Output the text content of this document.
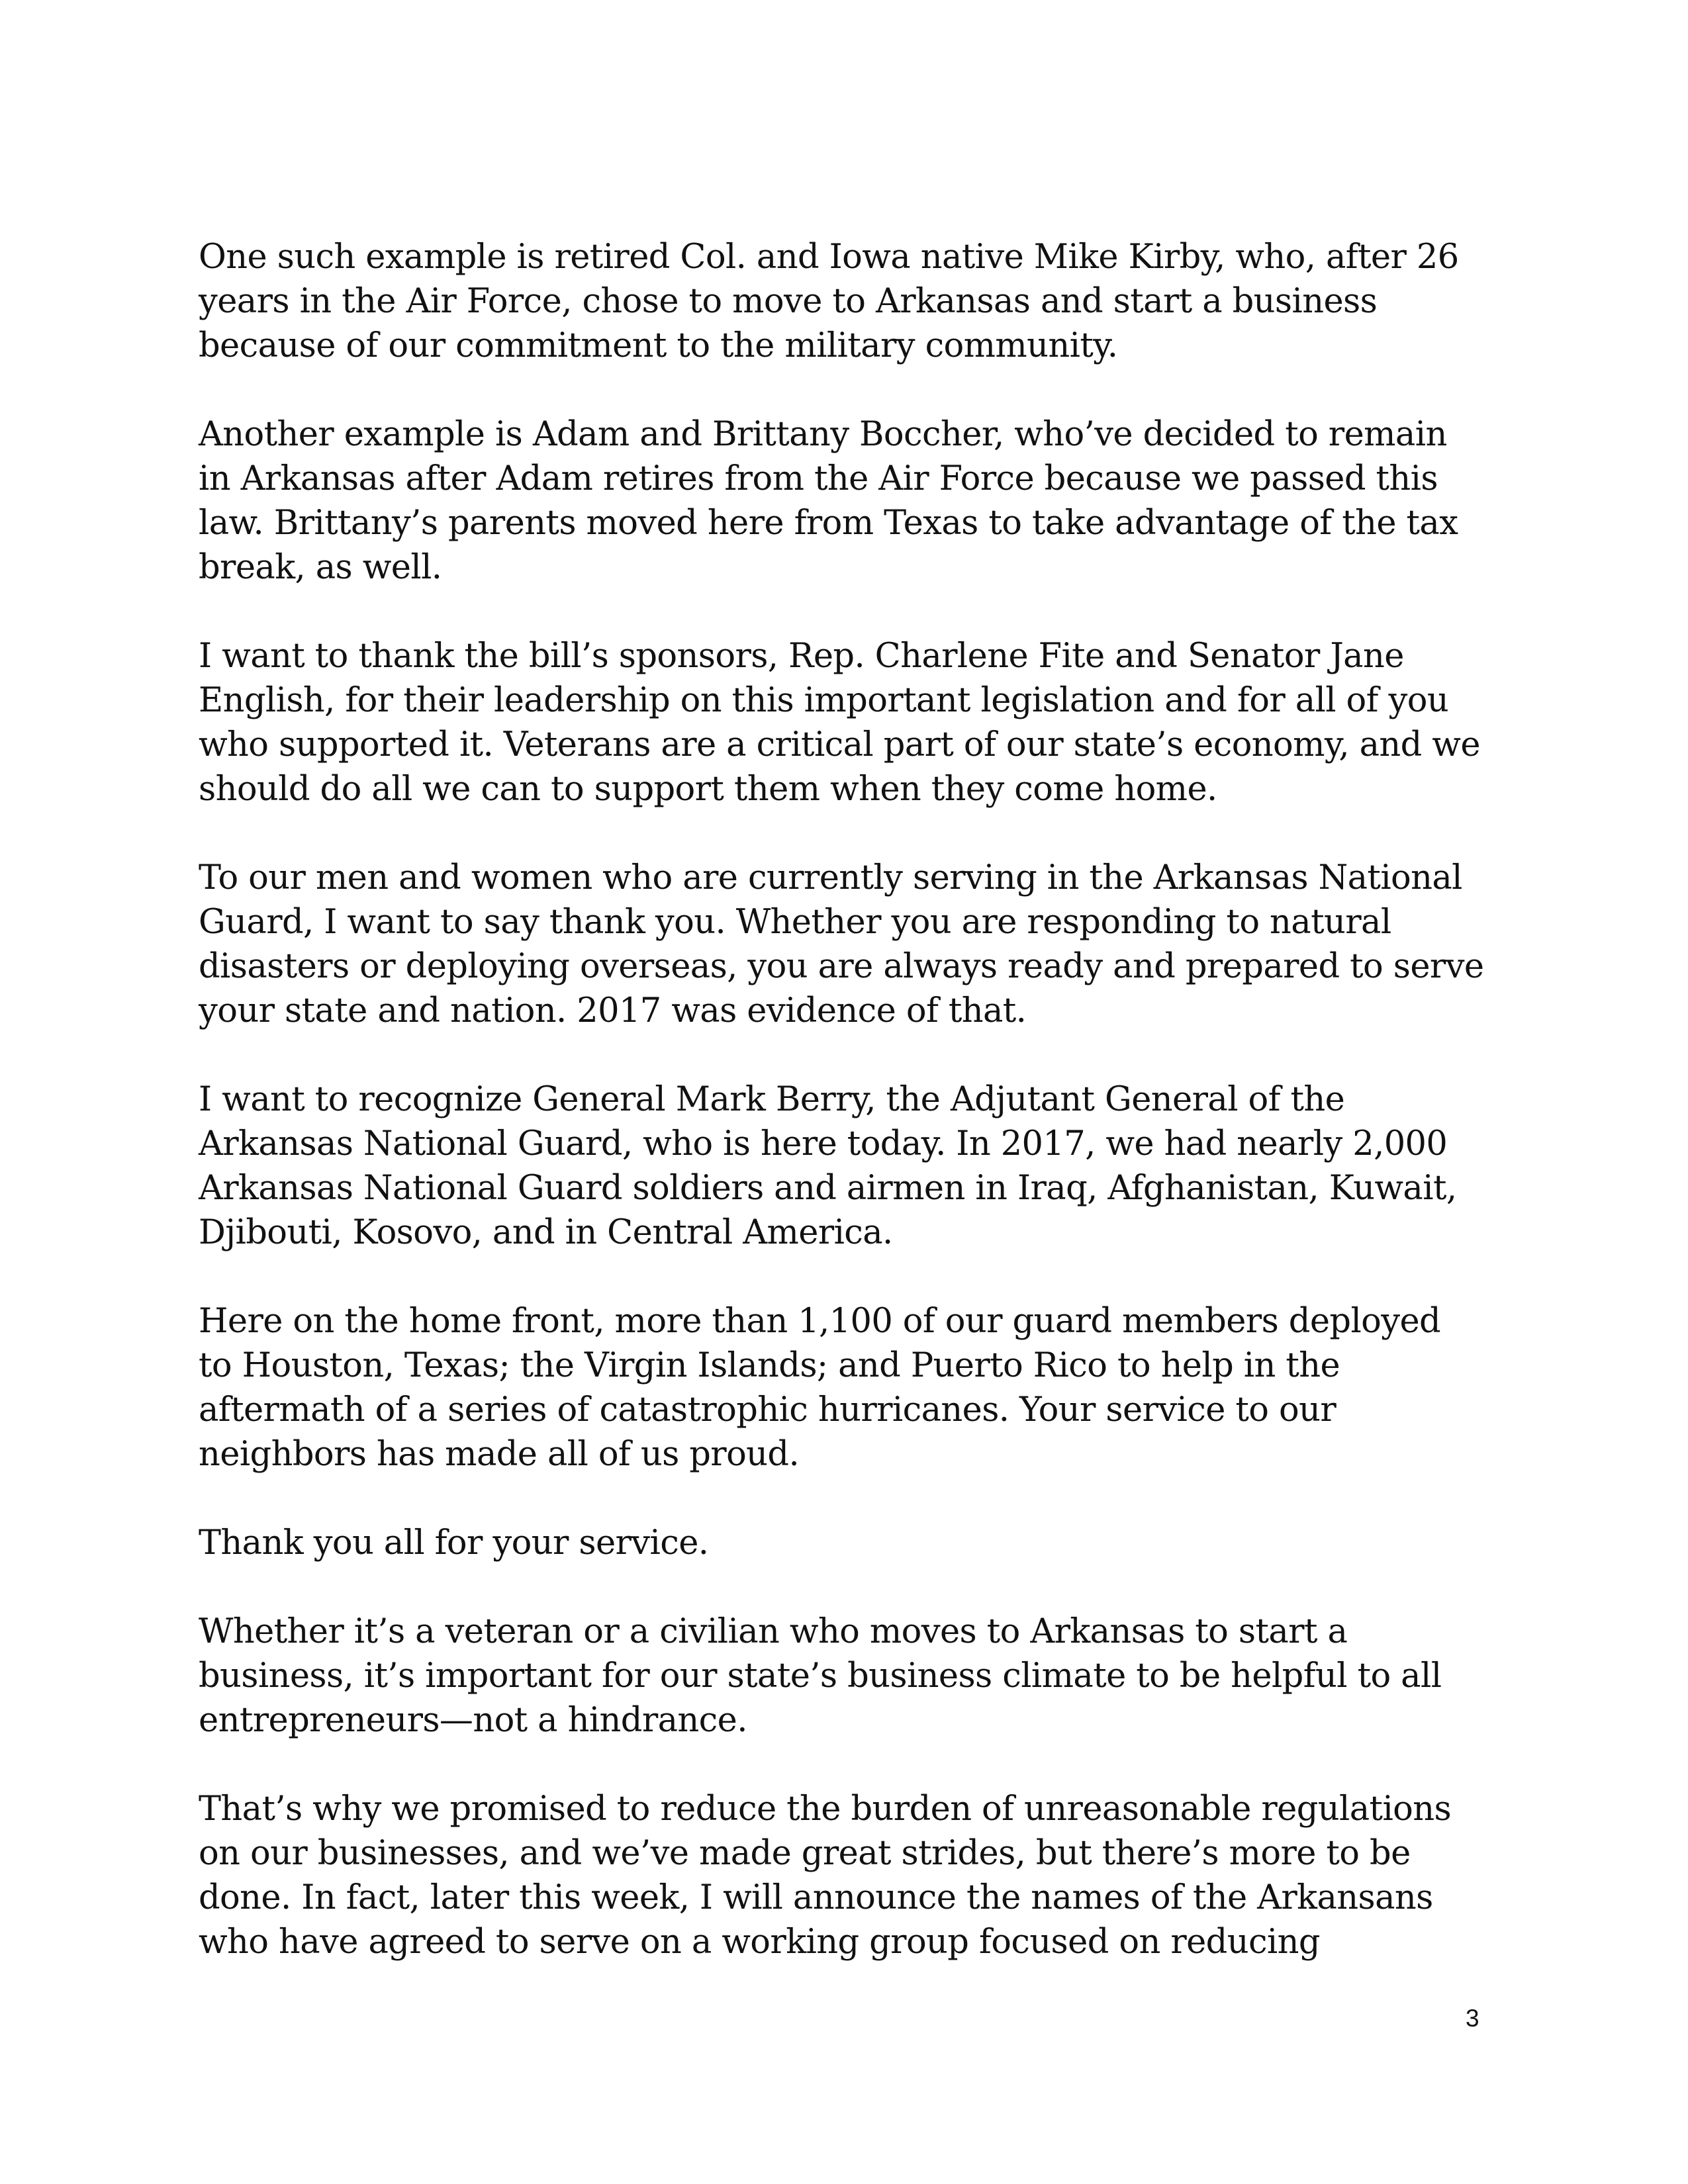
One such example is retired Col. and Iowa native Mike Kirby, who, after 26
years in the Air Force, chose to move to Arkansas and start a business
because of our commitment to the military community.

Another example is Adam and Brittany Boccher, who’ve decided to remain
in Arkansas after Adam retires from the Air Force because we passed this
law. Brittany’s parents moved here from Texas to take advantage of the tax
break, as well.

I want to thank the bill’s sponsors, Rep. Charlene Fite and Senator Jane
English, for their leadership on this important legislation and for all of you
who supported it. Veterans are a critical part of our state’s economy, and we
should do all we can to support them when they come home.

To our men and women who are currently serving in the Arkansas National
Guard, I want to say thank you. Whether you are responding to natural
disasters or deploying overseas, you are always ready and prepared to serve
your state and nation. 2017 was evidence of that.

I want to recognize General Mark Berry, the Adjutant General of the
Arkansas National Guard, who is here today. In 2017, we had nearly 2,000
Arkansas National Guard soldiers and airmen in Iraq, Afghanistan, Kuwait,
Djibouti, Kosovo, and in Central America.

Here on the home front, more than 1,100 of our guard members deployed
to Houston, Texas; the Virgin Islands; and Puerto Rico to help in the
aftermath of a series of catastrophic hurricanes. Your service to our
neighbors has made all of us proud.

Thank you all for your service.

Whether it’s a veteran or a civilian who moves to Arkansas to start a
business, it’s important for our state’s business climate to be helpful to all
entrepreneurs—not a hindrance.

That’s why we promised to reduce the burden of unreasonable regulations
on our businesses, and we’ve made great strides, but there’s more to be
done. In fact, later this week, I will announce the names of the Arkansans
who have agreed to serve on a working group focused on reducing

3
